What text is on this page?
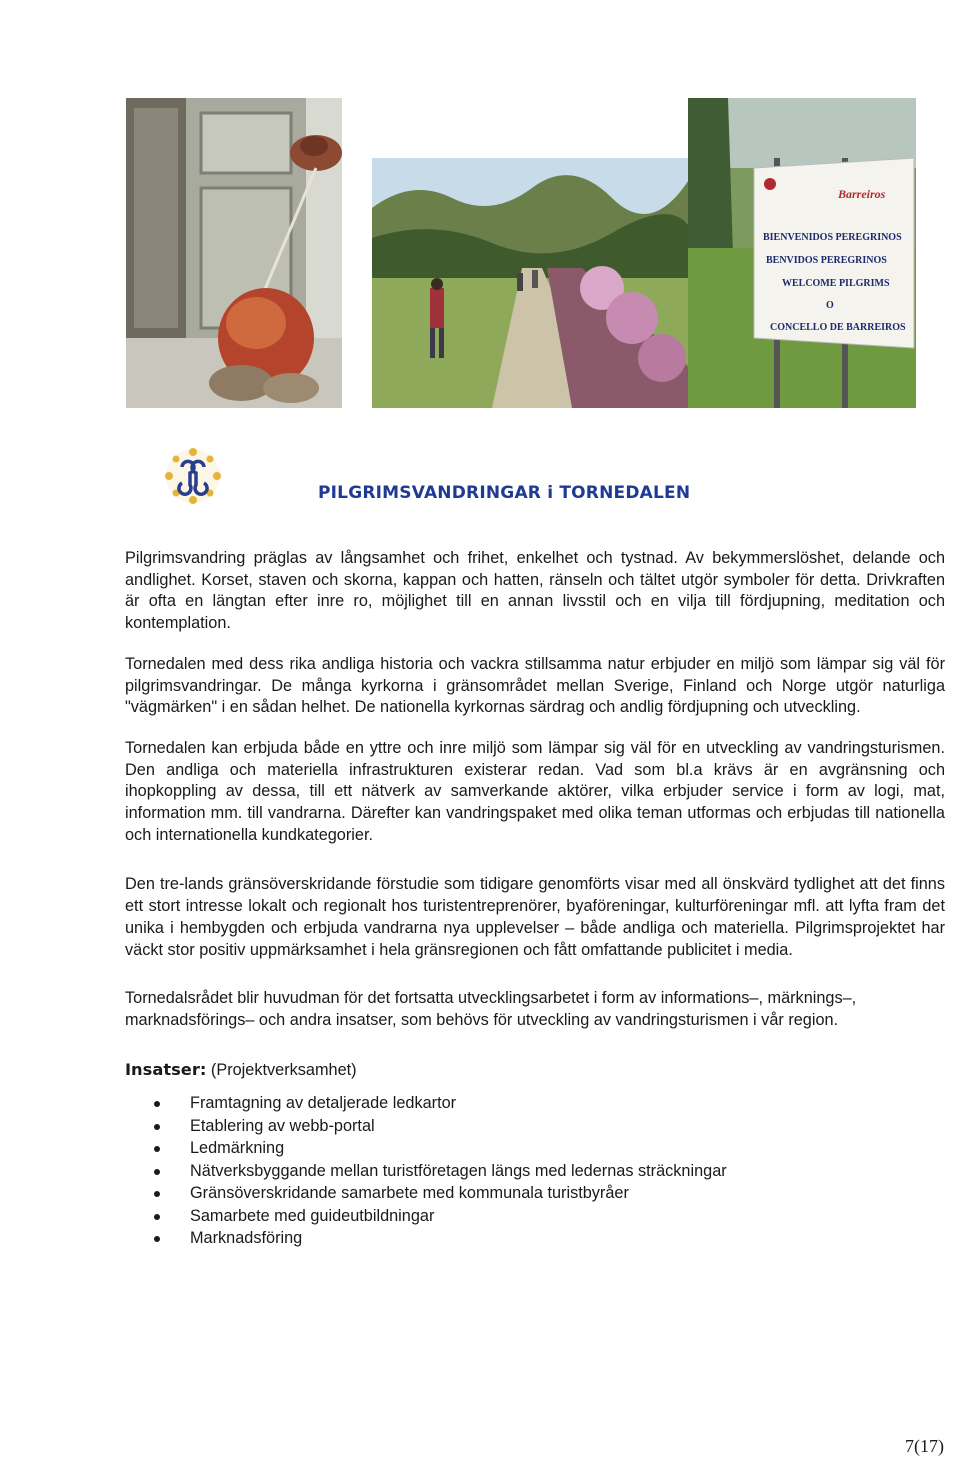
Barreiros
BIENVENIDOS PEREGRINOS
BENVIDOS PEREGRINOS
WELCOME PILGRIMS
O
CONCELLO DE BARREIROS
PILGRIMSVANDRINGAR i TORNEDALEN

Pilgrimsvandring präglas av långsamhet och frihet, enkelhet och tystnad. Av bekymmerslöshet, delande och andlighet. Korset, staven och skorna, kappan och hatten, ränseln och tältet utgör symboler för detta. Drivkraften är ofta en längtan efter inre ro, möjlighet till en annan livsstil och en vilja till fördjupning, meditation och kontemplation.

Tornedalen med dess rika andliga historia och vackra stillsamma natur erbjuder en miljö som lämpar sig väl för pilgrimsvandringar. De många kyrkorna i gränsområdet mellan Sverige, Finland och Norge utgör naturliga "vägmärken" i en sådan helhet. De nationella kyrkornas särdrag och andlig fördjupning och utveckling.

Tornedalen kan erbjuda både en yttre och inre miljö som lämpar sig väl för en utveckling av vandringsturismen. Den andliga och materiella infrastrukturen existerar redan. Vad som bl.a krävs är en avgränsning och ihopkoppling av dessa, till ett nätverk av samverkande aktörer, vilka erbjuder service i form av logi, mat, information mm. till vandrarna. Därefter kan vandringspaket med olika teman utformas och erbjudas till nationella och internationella kundkategorier.

Den tre-lands gränsöverskridande förstudie som tidigare genomförts visar med all önskvärd tydlighet att det finns ett stort intresse lokalt och regionalt hos turistentreprenörer, byaföreningar, kulturföreningar mfl. att lyfta fram det unika i hembygden och erbjuda vandrarna nya upplevelser – både andliga och materiella. Pilgrimsprojektet har väckt stor positiv uppmärksamhet i hela gränsregionen och fått omfattande publicitet i media.

Tornedalsrådet blir huvudman för det fortsatta utvecklingsarbetet i form av informations–, märknings–, marknadsförings– och andra insatser, som behövs för utveckling av vandringsturismen i vår region.

Insatser: (Projektverksamhet)
Framtagning av detaljerade ledkartor
Etablering av webb-portal
Ledmärkning
Nätverksbyggande mellan turistföretagen längs med ledernas sträckningar
Gränsöverskridande samarbete med kommunala turistbyråer
Samarbete med guideutbildningar
Marknadsföring
7(17)
